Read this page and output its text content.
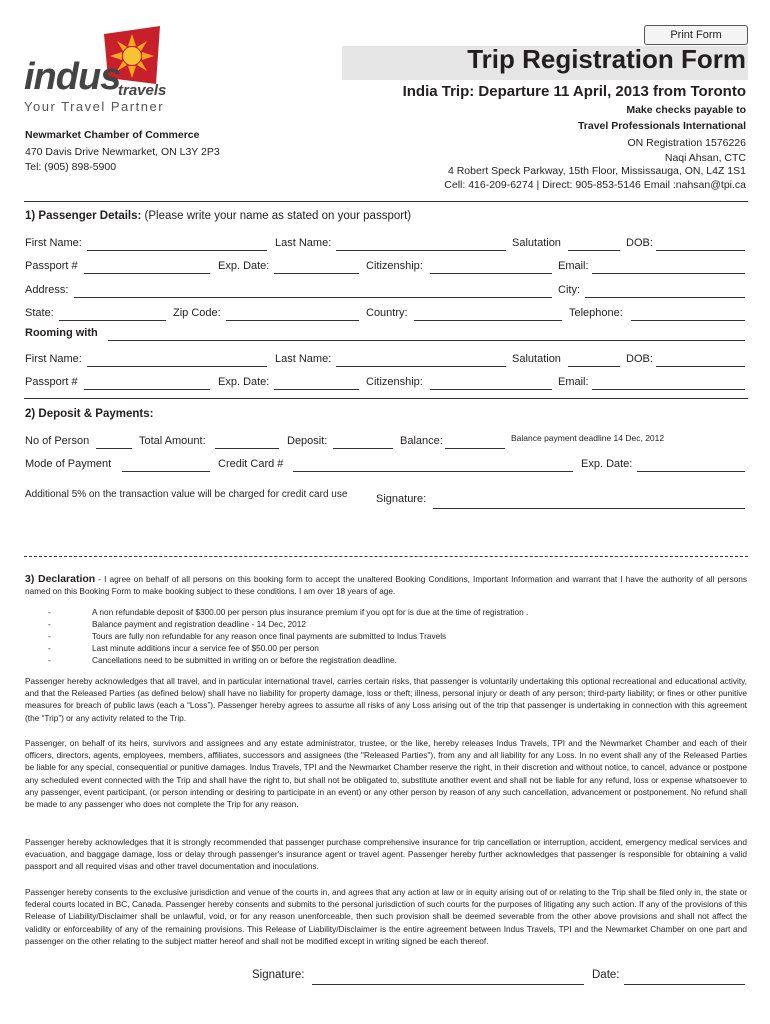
Print Form
Trip Registration Form
India Trip: Departure 11 April, 2013 from Toronto
indus
travels
Your Travel Partner	Make checks payable to
Travel Professionals International
ON Registration 1576226
Naqi Ahsan, CTC
4 Robert Speck Parkway, 15th Floor, Mississauga, ON, L4Z 1S1
Cell: 416-209-6274 | Direct: 905-853-5146 Email :nahsan@tpi.ca
Newmarket Chamber of Commerce
470 Davis Drive Newmarket, ON L3Y 2P3
Tel: (905) 898-5900
1) Passenger Details: (Please write your name as stated on your passport)
First Name:	Last Name:	Salutation	DOB:
Passport #	Exp. Date:	Citizenship:	Email:
Address:	City:
State:	Zip Code:	Country:	Telephone:
Rooming with
First Name:	Last Name:	Salutation	DOB:
Passport #	Exp. Date:	Citizenship:	Email:
2) Deposit & Payments:
No of Person	Total Amount:	Deposit:	Balance:	Balance payment deadline 14 Dec, 2012
Mode of Payment	Credit Card #	Exp. Date:
Additional 5% on the transaction value will be charged for credit card use	Signature:
3) Declaration - I agree on behalf of all persons on this booking form to accept the unaltered Booking Conditions, Important Information and warrant that I have the authority of all persons named on this Booking Form to make booking subject to these conditions. I am over 18 years of age.
-	A non refundable deposit of $300.00 per person plus insurance premium if you opt for is due at the time of registration .
-	Balance payment and registration deadline - 14 Dec, 2012
-	Tours are fully non refundable for any reason once final payments are submitted to Indus Travels
-	Last minute additions incur a service fee of $50.00 per person
-	Cancellations need to be submitted in writing on or before the registration deadline.
Passenger hereby acknowledges that all travel, and in particular international travel, carries certain risks, that passenger is voluntarily undertaking this optional recreational and educational activity, and that the Released Parties (as defined below) shall have no liability for property damage, loss or theft; illness, personal injury or death of any person; third-party liability; or fines or other punitive measures for breach of public laws (each a “Loss”). Passenger hereby agrees to assume all risks of any Loss arising out of the trip that passenger is undertaking in connection with this agreement (the “Trip”) or any activity related to the Trip.
Passenger, on behalf of its heirs, survivors and assignees and any estate administrator, trustee, or the like, hereby releases Indus Travels, TPI and the Newmarket Chamber and each of their officers, directors, agents, employees, members, affiliates, successors and assignees (the "Released Parties"), from any and all liability for any Loss. In no event shall any of the Released Parties be liable for any special, consequential or punitive damages. Indus Travels, TPI and the Newmarket Chamber reserve the right, in their discretion and without notice, to cancel, advance or postpone any scheduled event connected with the Trip and shall have the right to, but shall not be obligated to, substitute another event and shall not be liable for any refund, loss or expense whatsoever to any passenger, event participant, (or person intending or desiring to participate in an event) or any other person by reason of any such cancellation, advancement or postponement. No refund shall be made to any passenger who does not complete the Trip for any reason.
Passenger hereby acknowledges that it is strongly recommended that passenger purchase comprehensive insurance for trip cancellation or interruption, accident, emergency medical services and evacuation, and baggage damage, loss or delay through passenger's insurance agent or travel agent. Passenger hereby further acknowledges that passenger is responsible for obtaining a valid passport and all required visas and other travel documentation and inoculations.
Passenger hereby consents to the exclusive jurisdiction and venue of the courts in, and agrees that any action at law or in equity arising out of or relating to the Trip shall be filed only in, the state or federal courts located in BC, Canada. Passenger hereby consents and submits to the personal jurisdiction of such courts for the purposes of litigating any such action. If any of the provisions of this Release of Liability/Disclaimer shall be unlawful, void, or for any reason unenforceable, then such provision shall be deemed severable from the other above provisions and shall not affect the validity or enforceability of any of the remaining provisions. This Release of Liability/Disclaimer is the entire agreement between Indus Travels, TPI and the Newmarket Chamber on one part and passenger on the other relating to the subject matter hereof and shall not be modified except in writing signed be each thereof.
Signature:	Date:
